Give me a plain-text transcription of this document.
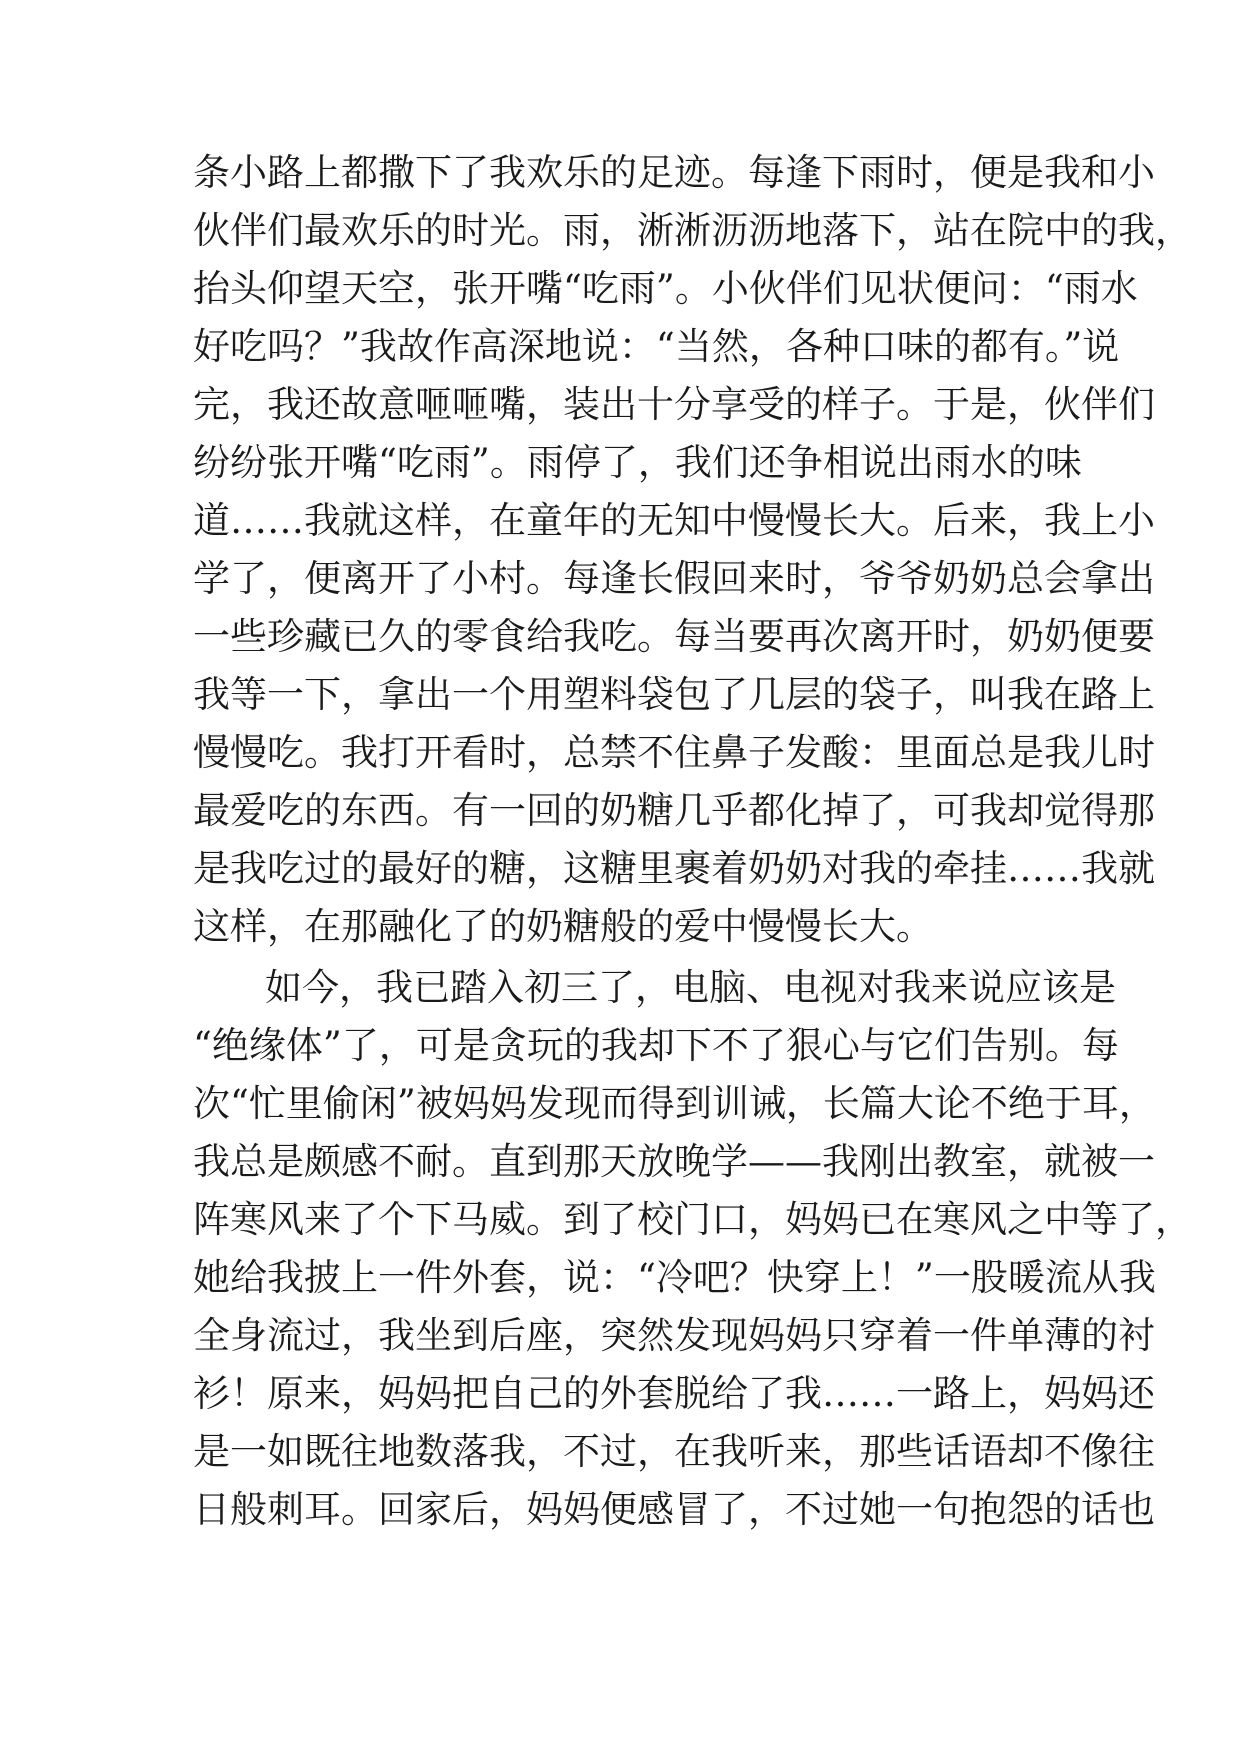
条小路上都撒下了我欢乐的足迹。每逢下雨时，便是我和小
伙伴们最欢乐的时光。雨，淅淅沥沥地落下，站在院中的我，
抬头仰望天空，张开嘴“吃雨”。小伙伴们见状便问：“雨水
好吃吗？”我故作高深地说：“当然，各种口味的都有。”说
完，我还故意咂咂嘴，装出十分享受的样子。于是，伙伴们
纷纷张开嘴“吃雨”。雨停了，我们还争相说出雨水的味
道……我就这样，在童年的无知中慢慢长大。后来，我上小
学了，便离开了小村。每逢长假回来时，爷爷奶奶总会拿出
一些珍藏已久的零食给我吃。每当要再次离开时，奶奶便要
我等一下，拿出一个用塑料袋包了几层的袋子，叫我在路上
慢慢吃。我打开看时，总禁不住鼻子发酸：里面总是我儿时
最爱吃的东西。有一回的奶糖几乎都化掉了，可我却觉得那
是我吃过的最好的糖，这糖里裹着奶奶对我的牵挂……我就
这样，在那融化了的奶糖般的爱中慢慢长大。
如今，我已踏入初三了，电脑、电视对我来说应该是
“绝缘体”了，可是贪玩的我却下不了狠心与它们告别。每
次“忙里偷闲”被妈妈发现而得到训诫，长篇大论不绝于耳，
我总是颇感不耐。直到那天放晚学——我刚出教室，就被一
阵寒风来了个下马威。到了校门口，妈妈已在寒风之中等了，
她给我披上一件外套，说：“冷吧？快穿上！”一股暖流从我
全身流过，我坐到后座，突然发现妈妈只穿着一件单薄的衬
衫！原来，妈妈把自己的外套脱给了我……一路上，妈妈还
是一如既往地数落我，不过，在我听来，那些话语却不像往
日般刺耳。回家后，妈妈便感冒了，不过她一句抱怨的话也
